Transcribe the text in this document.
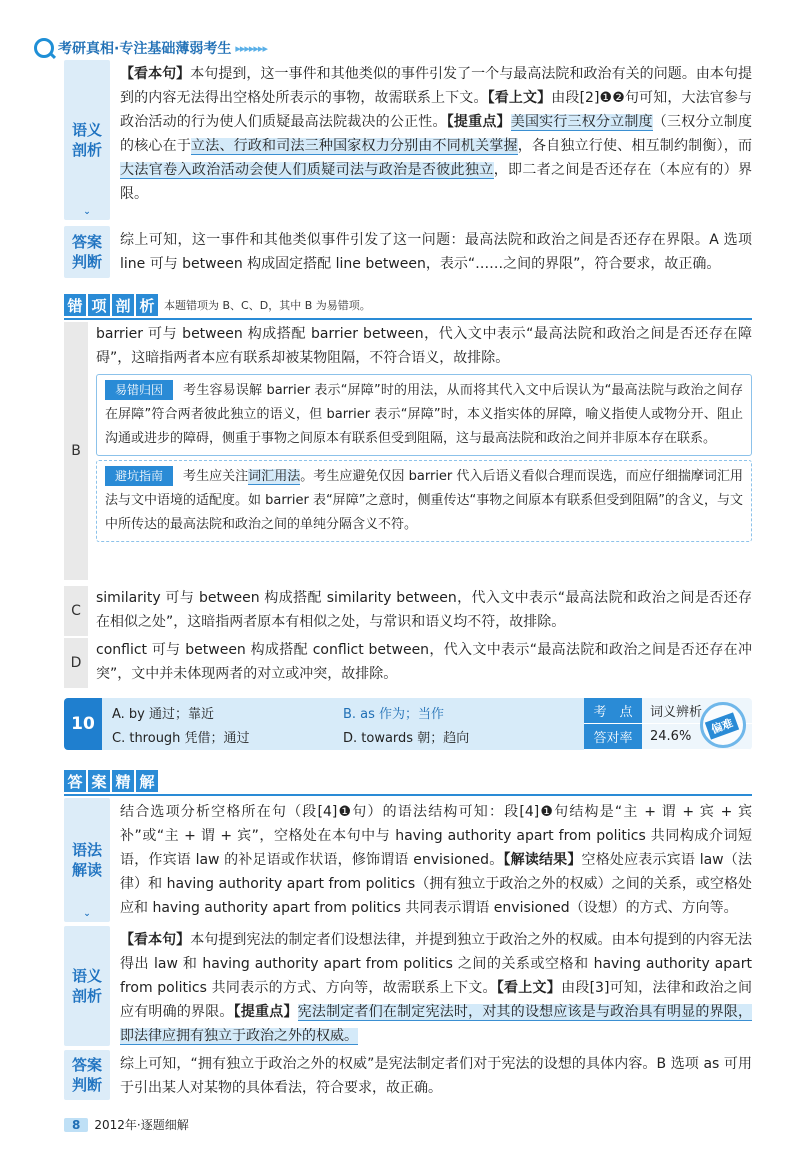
考研真相·专注基础薄弱考生 ▸▸▸▸▸▸▸
语义
剖析
⌄
【看本句】本句提到，这一事件和其他类似的事件引发了一个与最高法院和政治有关的问题。由本句提到的内容无法得出空格处所表示的事物，故需联系上下文。【看上文】由段[2]❶❷句可知，大法官参与政治活动的行为使人们质疑最高法院裁决的公正性。【提重点】美国实行三权分立制度（三权分立制度的核心在于立法、行政和司法三种国家权力分别由不同机关掌握，各自独立行使、相互制约制衡），而大法官卷入政治活动会使人们质疑司法与政治是否彼此独立，即二者之间是否还存在（本应有的）界限。
答案
判断
综上可知，这一事件和其他类似事件引发了这一问题：最高法院和政治之间是否还存在界限。A 选项 line 可与 between 构成固定搭配 line between，表示“……之间的界限”，符合要求，故正确。
错 项 剖 析 本题错项为 B、C、D，其中 B 为易错项。
B
barrier 可与 between 构成搭配 barrier between，代入文中表示“最高法院和政治之间是否还存在障碍”，这暗指两者本应有联系却被某物阻隔，不符合语义，故排除。
易错归因 考生容易误解 barrier 表示“屏障”时的用法，从而将其代入文中后误认为“最高法院与政治之间存在屏障”符合两者彼此独立的语义，但 barrier 表示“屏障”时，本义指实体的屏障，喻义指使人或物分开、阻止沟通或进步的障碍，侧重于事物之间原本有联系但受到阻隔，这与最高法院和政治之间并非原本存在联系。
避坑指南 考生应关注词汇用法。考生应避免仅因 barrier 代入后语义看似合理而误选，而应仔细揣摩词汇用法与文中语境的适配度。如 barrier 表“屏障”之意时，侧重传达“事物之间原本有联系但受到阻隔”的含义，与文中所传达的最高法院和政治之间的单纯分隔含义不符。
C
similarity 可与 between 构成搭配 similarity between，代入文中表示“最高法院和政治之间是否还存在相似之处”，这暗指两者原本有相似之处，与常识和语义均不符，故排除。
D
conflict 可与 between 构成搭配 conflict between，代入文中表示“最高法院和政治之间是否还存在冲突”，文中并未体现两者的对立或冲突，故排除。
10	A. by 通过；靠近	B. as 作为；当作
C. through 凭借；通过	D. towards 朝；趋向
考　点	词义辨析
答对率	24.6%
偏难
答 案 精 解
语法
解读
⌄
结合选项分析空格所在句（段[4]❶句）的语法结构可知：段[4]❶句结构是“主 + 谓 + 宾 + 宾补”或“主 + 谓 + 宾”，空格处在本句中与 having authority apart from politics 共同构成介词短语，作宾语 law 的补足语或作状语，修饰谓语 envisioned。【解读结果】空格处应表示宾语 law（法律）和 having authority apart from politics（拥有独立于政治之外的权威）之间的关系，或空格处应和 having authority apart from politics 共同表示谓语 envisioned（设想）的方式、方向等。
语义
剖析
【看本句】本句提到宪法的制定者们设想法律，并提到独立于政治之外的权威。由本句提到的内容无法得出 law 和 having authority apart from politics 之间的关系或空格和 having authority apart from politics 共同表示的方式、方向等，故需联系上下文。【看上文】由段[3]可知，法律和政治之间应有明确的界限。【提重点】宪法制定者们在制定宪法时，对其的设想应该是与政治具有明显的界限，即法律应拥有独立于政治之外的权威。
答案
判断
综上可知，“拥有独立于政治之外的权威”是宪法制定者们对于宪法的设想的具体内容。B 选项 as 可用于引出某人对某物的具体看法，符合要求，故正确。
8	2012年·逐题细解
